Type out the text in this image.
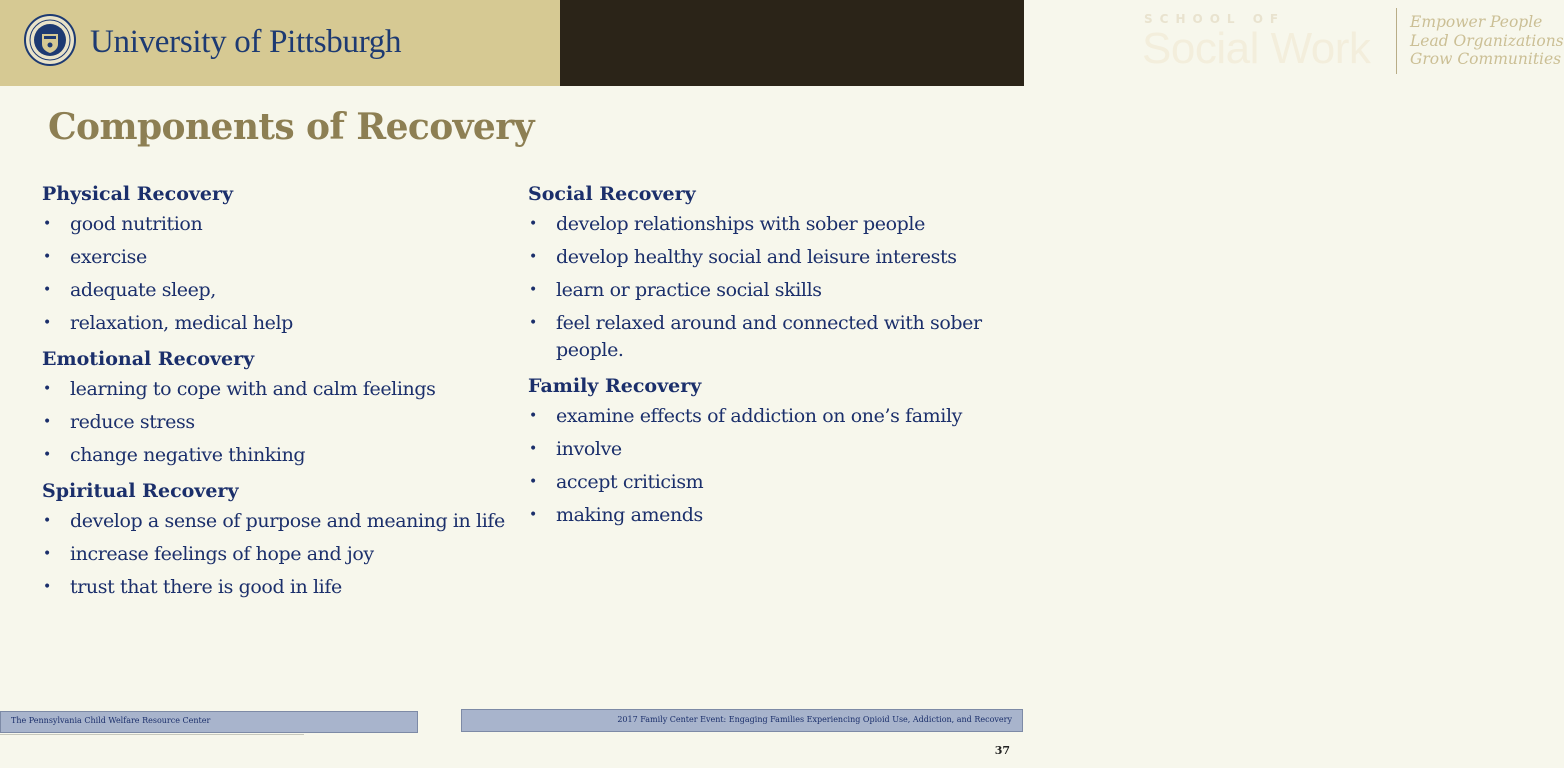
University of Pittsburgh
SCHOOL OF
Social Work
Empower People
Lead Organizations
Grow Communities
Components of Recovery
Physical Recovery
• good nutrition
• exercise
• adequate sleep,
• relaxation, medical help
Emotional Recovery
• learning to cope with and calm feelings
• reduce stress
• change negative thinking
Spiritual Recovery
• develop a sense of purpose and meaning in life
• increase feelings of hope and joy
• trust that there is good in life
Social Recovery
• develop relationships with sober people
• develop healthy social and leisure interests
• learn or practice social skills
• feel relaxed around and connected with sober people.
Family Recovery
• examine effects of addiction on one’s family
• involve
• accept criticism
• making amends
The Pennsylvania Child Welfare Resource Center	2017 Family Center Event: Engaging Families Experiencing Opioid Use, Addiction, and Recovery
37
